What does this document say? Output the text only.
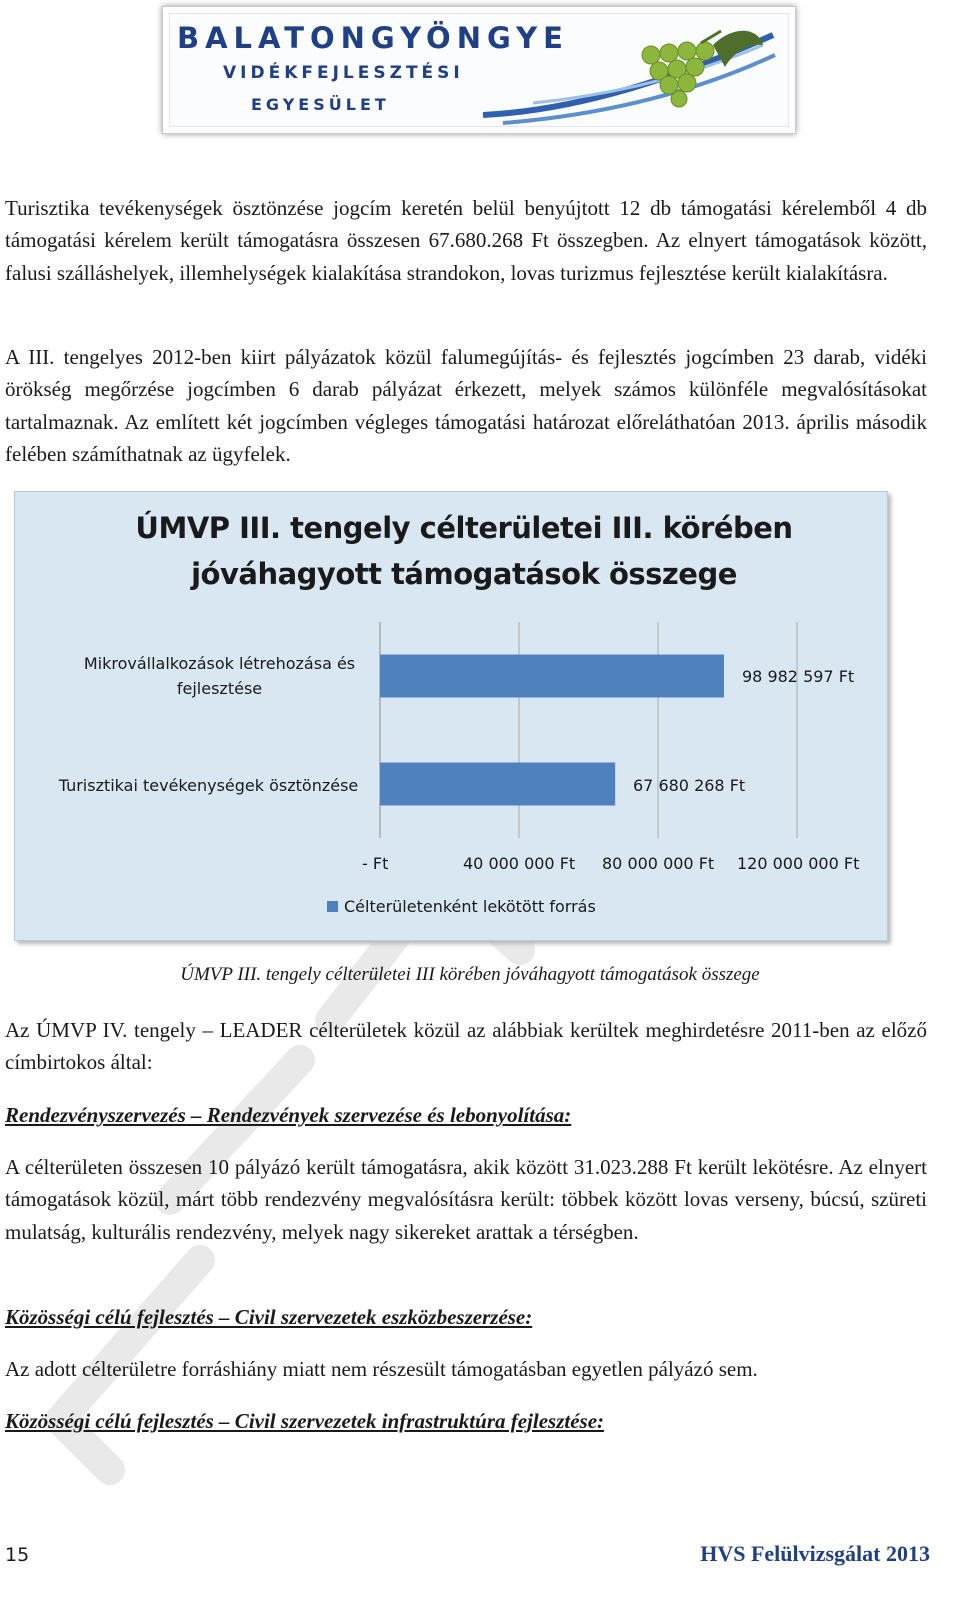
BALATONGYÖNGYE
VIDÉKFEJLESZTÉSI
EGYESÜLET

Turisztika tevékenységek ösztönzése jogcím keretén belül benyújtott 12 db támogatási kérelemből 4 db támogatási kérelem került támogatásra összesen 67.680.268 Ft összegben. Az elnyert támogatások között, falusi szálláshelyek, illemhelységek kialakítása strandokon, lovas turizmus fejlesztése került kialakításra.

A III. tengelyes 2012-ben kiirt pályázatok közül falumegújítás- és fejlesztés jogcímben 23 darab, vidéki örökség megőrzése jogcímben 6 darab pályázat érkezett, melyek számos különféle megvalósításokat tartalmaznak. Az említett két jogcímben végleges támogatási határozat előreláthatóan 2013. április második felében számíthatnak az ügyfelek.

ÚMVP III. tengely célterületei III. körében
jóváhagyott támogatások összege
Mikrovállalkozások létrehozása és fejlesztése
Turisztikai tevékenységek ösztönzése
98 982 597 Ft
67 680 268 Ft
- Ft	40 000 000 Ft 80 000 000 Ft 120 000 000 Ft
Célterületenként lekötött forrás

ÚMVP III. tengely célterületei III körében jóváhagyott támogatások összege

Az ÚMVP IV. tengely – LEADER célterületek közül az alábbiak kerültek meghirdetésre 2011-ben az előző címbirtokos által:

Rendezvényszervezés – Rendezvények szervezése és lebonyolítása:

A célterületen összesen 10 pályázó került támogatásra, akik között 31.023.288 Ft került lekötésre. Az elnyert támogatások közül, márt több rendezvény megvalósításra került: többek között lovas verseny, búcsú, szüreti mulatság, kulturális rendezvény, melyek nagy sikereket arattak a térségben.

Közösségi célú fejlesztés – Civil szervezetek eszközbeszerzése:

Az adott célterületre forráshiány miatt nem részesült támogatásban egyetlen pályázó sem.

Közösségi célú fejlesztés – Civil szervezetek infrastruktúra fejlesztése:

15	HVS Felülvizsgálat 2013
